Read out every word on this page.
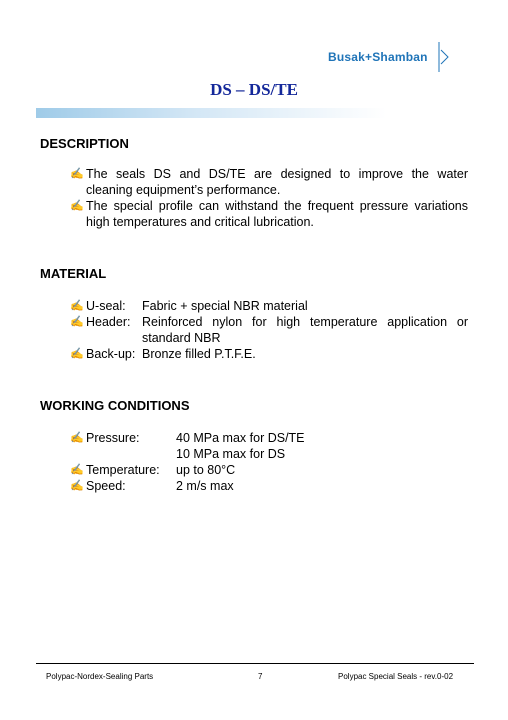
Busak+Shamban
DS – DS/TE
DESCRIPTION
✍ The seals DS and DS/TE are designed to improve the water cleaning equipment’s performance.
✍ The special profile can withstand the frequent pressure variations high temperatures and critical lubrication.
MATERIAL
✍ U-seal:	Fabric + special NBR material
✍ Header: Reinforced nylon for high temperature application or standard NBR
✍ Back-up: Bronze filled P.T.F.E.
WORKING CONDITIONS
✍ Pressure:	40 MPa max for DS/TE
10 MPa max for DS
✍ Temperature:	up to 80°C
✍ Speed:	2 m/s max
Polypac-Nordex-Sealing Parts	7	Polypac Special Seals - rev.0-02
